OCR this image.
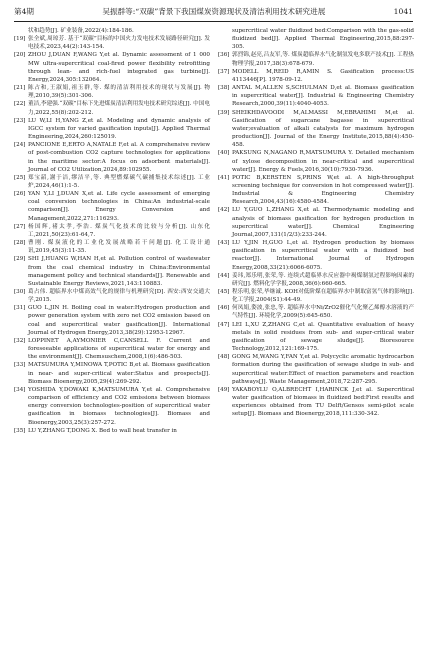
第4期	吴振群等:“双碳”背景下我国煤炭资源现状及清洁利用技术研究进展	1041
状和趋势[J]. 矿业装备,2022(4):184-186.
[19] 张全斌,周琼芳. 基于“双碳”目标的中国火力发电技术发展路径研究[J]. 发电技术,2023,44(2):143-154.
[20] ZHOU J,DUAN F,WANG Y,et al. Dynamic assessment of 1 000 MW ultra-supercritical coal-fired power flexibility retrofitting through lean- and rich-fuel integrated gas turbine[J]. Energy,2024,305:132064.
[21] 陈占和,王淑娟,祖玉群,等. 煤的清洁利用技术的现状与发展[J]. 物理,2010,39(5):301-306.
[22] 董洁,李建强.“双碳”目标下先进煤炭清洁利用发电技术研究综述[J]. 中国电力,2022,55(8):202-212.
[23] LU W,LI H,YANG Z,et al. Modeling and dynamic analysis of IGCC system for varied gasification inputs[J]. Applied Thermal Engineering,2024,260:125019.
[24] PANCIONE E,ERTO A,NATALE F,et al. A comprehensive review of post-combustion CO2 capture technologies for applications in the maritime sector:A focus on adsorbent materials[J]. Journal of CO2 Utilization,2024,89:102955.
[25] 郑宝韶,謝于洁,缪洁平,等. 典型燃煤碳气碳捕集技术综述[J]. 工业炉,2024,46(1):1-5.
[26] YAN Y,LI J,DUAN X,et al. Life cycle assessment of emerging coal conversion technologies in China:An industrial-scale comparison[J]. Energy Conversion and Management,2022,271:116293.
[27] 杨国辉,褚太孝,李浩. 煤炭气化技术的比较与分析[J]. 山东化工,2021,50(23):61-64,7.
[28] 曹刚. 煤炭液化的工业化发展战略若干问题[J]. 化工设计通讯,2019,45(3):11-35.
[29] SHI J,HUANG W,HAN H,et al. Pollution control of wastewater from the coal chemical industry in China:Environmental management policy and technical standards[J]. Renewable and Sustainable Energy Reviews,2021,143:110883.
[30] 葛占伟. 超临界水中煤高效气化的规律与机理研究[D]. 西安:西安交通大学,2015.
[31] GUO L,JIN H. Boiling coal in water:Hydrogen production and power generation system with zero net CO2 emission based on coal and supercritical water gasification[J]. International Journal of Hydrogen Energy,2013,38(29):12953-12967.
[32] LOPPINET A,AYMONIER C,CANSELL F. Current and foreseeable applications of supercritical water for energy and the environment[J]. Chemsuschem,2008,1(6):486-503.
[33] MATSUMURA Y,MINOWA T,POTIC B,et al. Biomass gasification in near- and super-critical water:Status and prospects[J]. Biomass Bioenergy,2005,29(4):269-292.
[34] YOSHIDA Y,DOWAKI K,MATSUMURA Y,et al. Comprehensive comparison of efficiency and CO2 emissions between biomass energy conversion technologies-position of supercritical water gasification in biomass technologies[J]. Biomass and Bioenergy,2003,25(3):257-272.
[35] LU Y,ZHANG T,DONG X. Bed to wall heat transfer in
supercritical water fluidized bed:Comparison with the gas-solid fluidized bed[J]. Applied Thermal Engineering,2015,88:297-305.
[36] 郭烈锦,赵亮,吕友军,等. 煤炭超临界水气化制氢发电多联产技术[J]. 工程热物理学报,2017,38(3):678-679.
[37] MODELL M,REID R,AMIN S. Gasification process:US 4113446[P]. 1978-09-12.
[38] ANTAL M,ALLEN S,SCHULMAN D,et al. Biomass gasification in supercritical water[J]. Industrial & Engineering Chemistry Research,2000,39(11):4040-4053.
[39] SHEIKHDAVOODI M,ALMASSI M,EBRAHIMI M,et al. Gasification of sugarcane bagasse in supercritical water;evaluation of alkali catalysts for maximum hydrogen production[J]. Journal of the Energy Institute,2015,88(4):450-458.
[40] PAKSUNG N,NAGANO R,MATSUMURA Y. Detailed mechanism of xylose decomposition in near-critical and supercritical water[J]. Energy & Fuels,2016,30(10):7930-7936.
[41] POTIC B,KERSTEN S,PRINS W,et al. A high-throughput screening technique for conversion in hot compressed water[J]. Industrial & Engineering Chemistry Research,2004,43(16):4580-4584.
[42] LU Y,GUO L,ZHANG X,et al. Thermodynamic modeling and analysis of biomass gasification for hydrogen production in supercritical water[J]. Chemical Engineering Journal,2007,131(1/2/3):233-244.
[43] LU Y,JIN H,GUO L,et al. Hydrogen production by biomass gasification in supercritical water with a fluidized bed reactor[J]. International Journal of Hydrogen Energy,2008,33(21):6066-6075.
[44] 姜玮,郑乐明,张荣,等. 连续式超临界水反应器中褐煤制氢过程影响因素的研究[J]. 燃料化学学报,2008,36(6):660-665.
[45] 程乐明,张荣,毕继诚. KOH对低阶煤在超临界水中制取富氢气体的影响[J]. 化工学报,2004(S1):44-49.
[46] 何凤娟,姿波,张忠,等. 超临界水中Ni/ZrO2催化气化聚乙烯醇水溶液的产气特性[J]. 环境化学,2009(5):645-650.
[47] LEI L,XU Z,ZHANG C,et al. Quantitative evaluation of heavy metals in solid residues from sub- and super-critical water gasification of sewage sludge[J]. Bioresource Technology,2012,121:169-175.
[48] GONG M,WANG Y,FAN Y,et al. Polycyclic aromatic hydrocarbon formation during the gasification of sewage sludge in sub- and supercritical water:Effect of reaction parameters and reaction pathways[J]. Waste Management,2018,72:287-295.
[49] YAKABOYLU O,ALBRECHT I,HARINCK J,et al. Supercritical water gasification of biomass in fluidized bed:First results and experiences obtained from TU Delft/Gensos semi-pilot scale setup[J]. Biomass and Bioenergy,2018,111:330-342.
